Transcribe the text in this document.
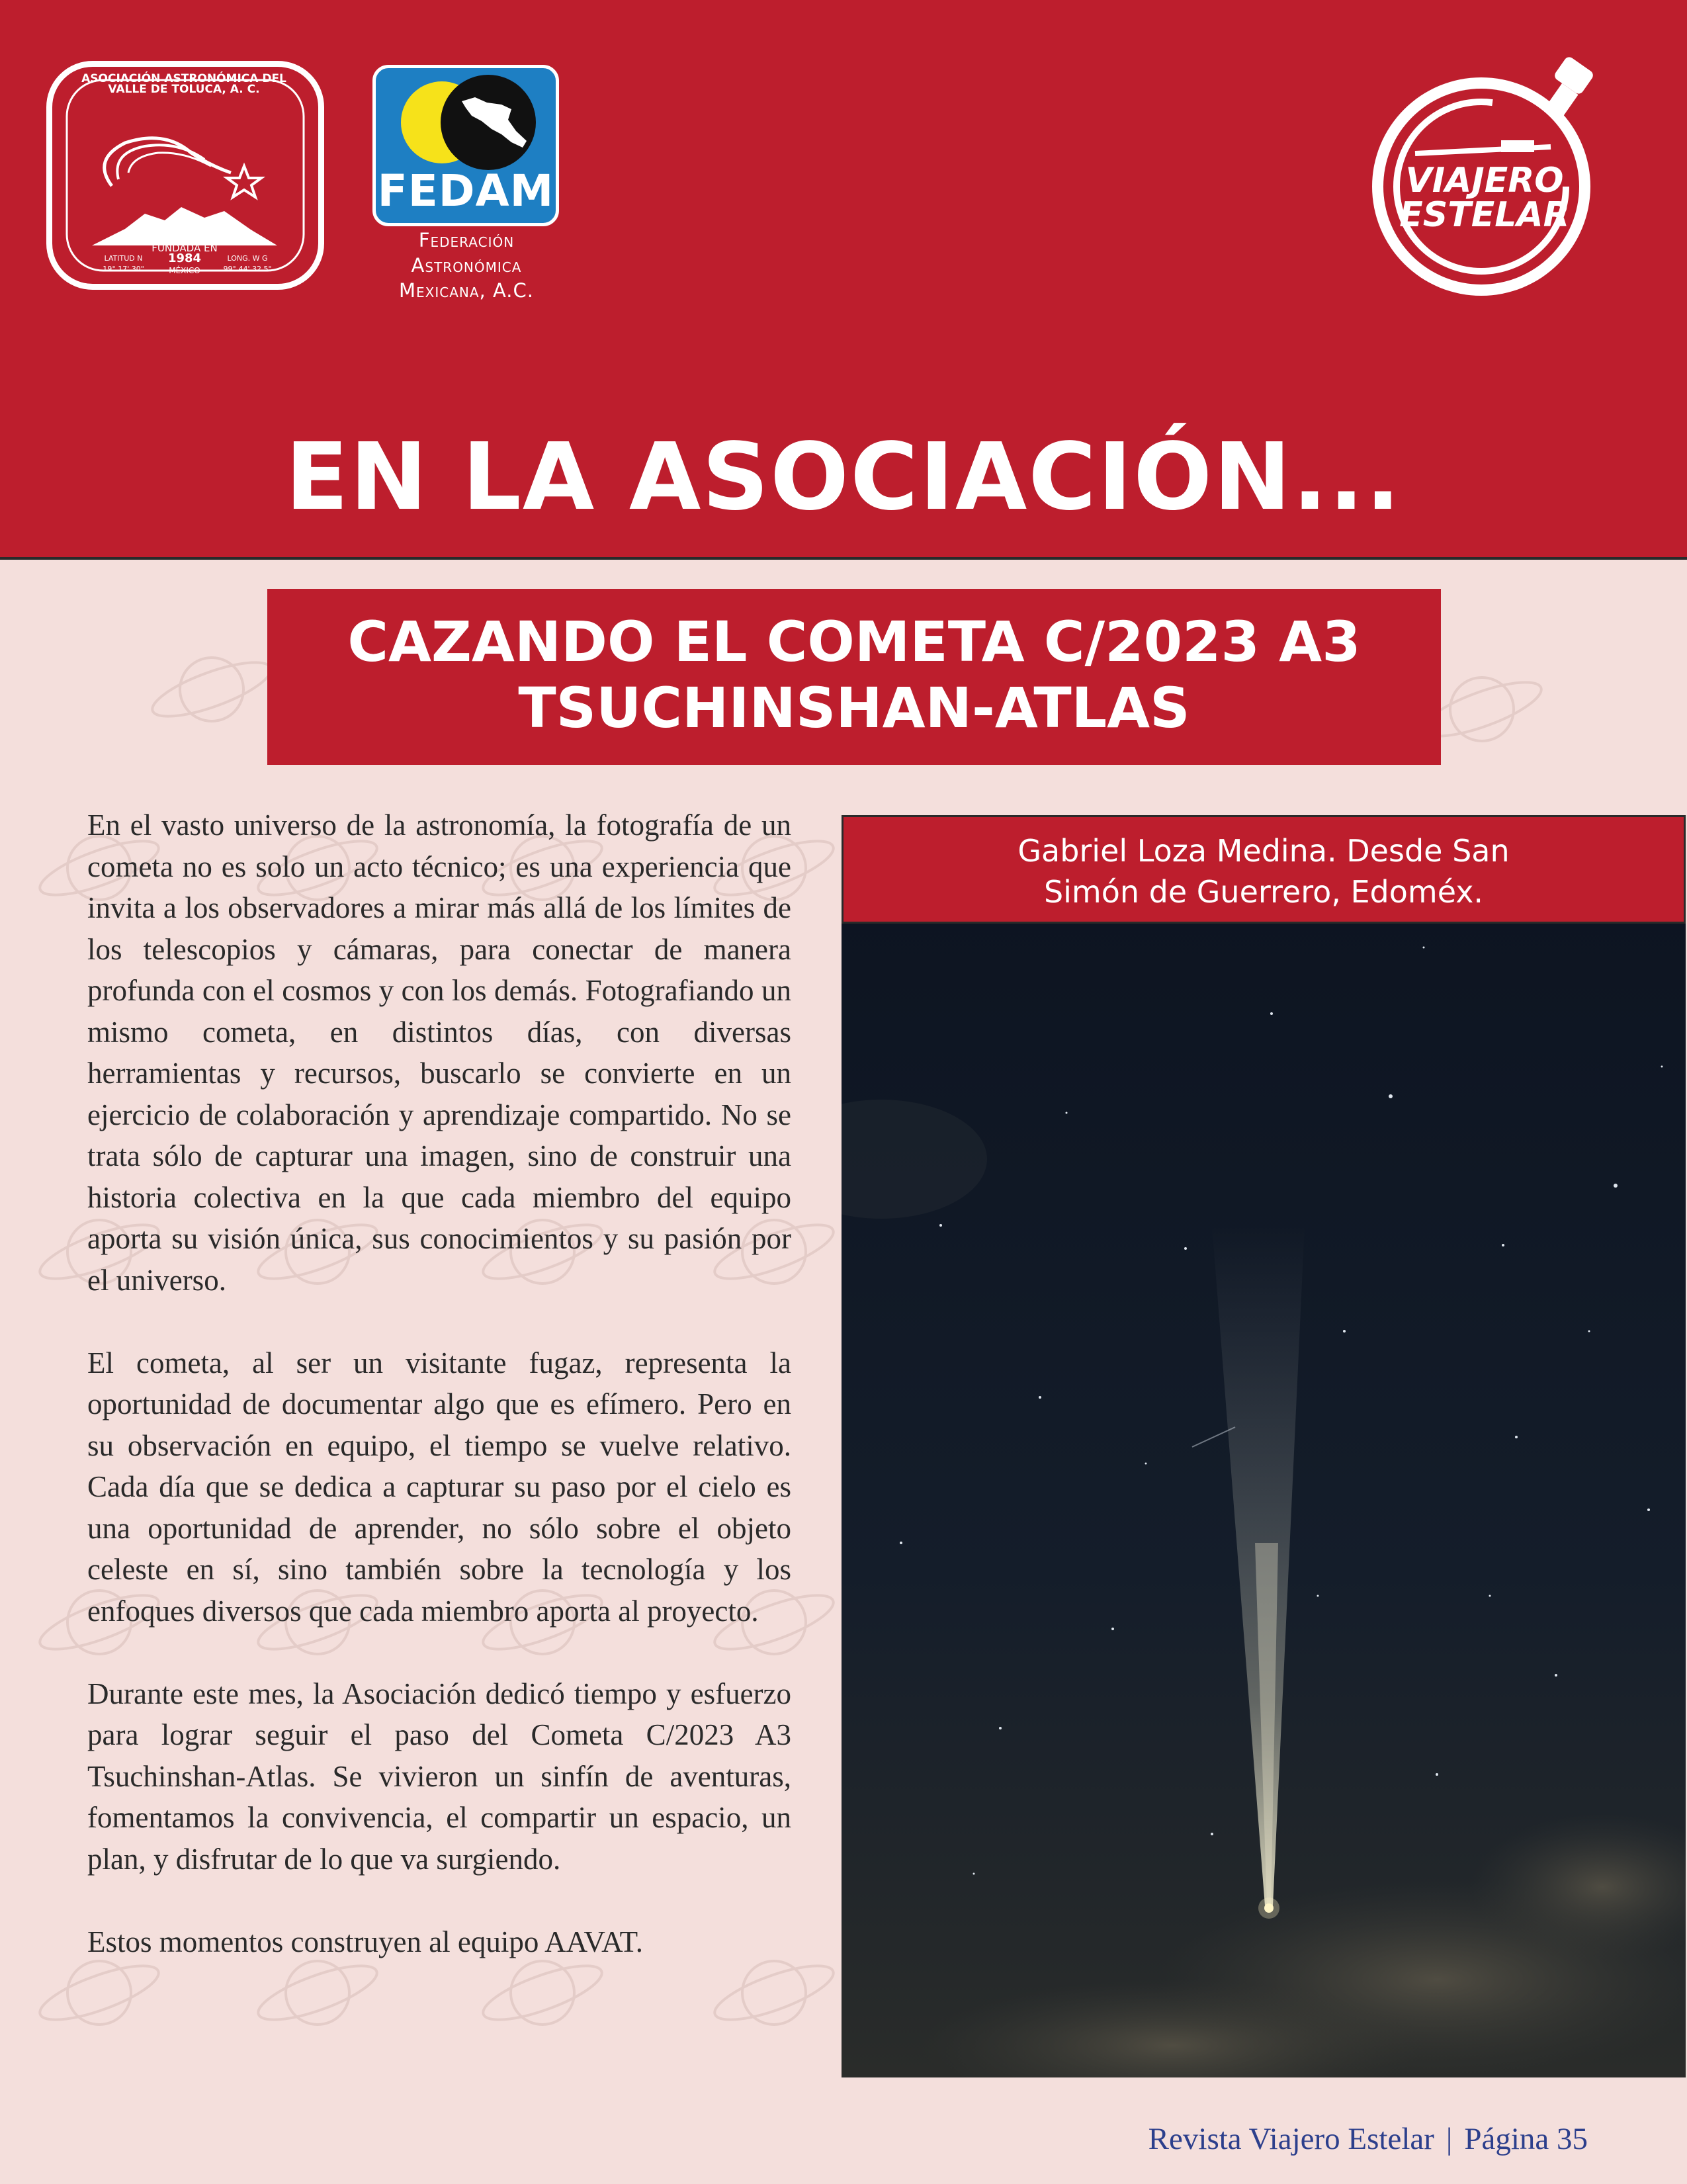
ASOCIACIÓN ASTRONÓMICA DEL VALLE DE TOLUCA, A. C.
FUNDADA EN
1984
MÉXICO
LATITUD N
19° 17' 30"
LONG. W G
99° 44' 32.5"
FEDAM
Federación
Astronómica
Mexicana, A.C.
VIAJERO
ESTELAR
EN LA ASOCIACIÓN...
CAZANDO EL COMETA C/2023 A3
TSUCHINSHAN-ATLAS

En el vasto universo de la astronomía, la fotografía de un cometa no es solo un acto técnico; es una experiencia que invita a los observadores a mirar más allá de los límites de los telescopios y cámaras, para conectar de manera profunda con el cosmos y con los demás. Fotografiando un mismo cometa, en distintos días, con diversas herramientas y recursos, buscarlo se convierte en un ejercicio de colaboración y aprendizaje compartido. No se trata sólo de capturar una imagen, sino de construir una historia colectiva en la que cada miembro del equipo aporta su visión única, sus conocimientos y su pasión por el universo.

El cometa, al ser un visitante fugaz, representa la oportunidad de documentar algo que es efímero. Pero en su observación en equipo, el tiempo se vuelve relativo. Cada día que se dedica a capturar su paso por el cielo es una oportunidad de aprender, no sólo sobre el objeto celeste en sí, sino también sobre la tecnología y los enfoques diversos que cada miembro aporta al proyecto.

Durante este mes, la Asociación dedicó tiempo y esfuerzo para lograr seguir el paso del Cometa C/2023 A3 Tsuchinshan-Atlas. Se vivieron un sinfín de aventuras, fomentamos la convivencia, el compartir un espacio, un plan, y disfrutar de lo que va surgiendo.

Estos momentos construyen al equipo AAVAT.

Gabriel Loza Medina. Desde San
Simón de Guerrero, Edoméx.
Revista Viajero Estelar | Página 35
